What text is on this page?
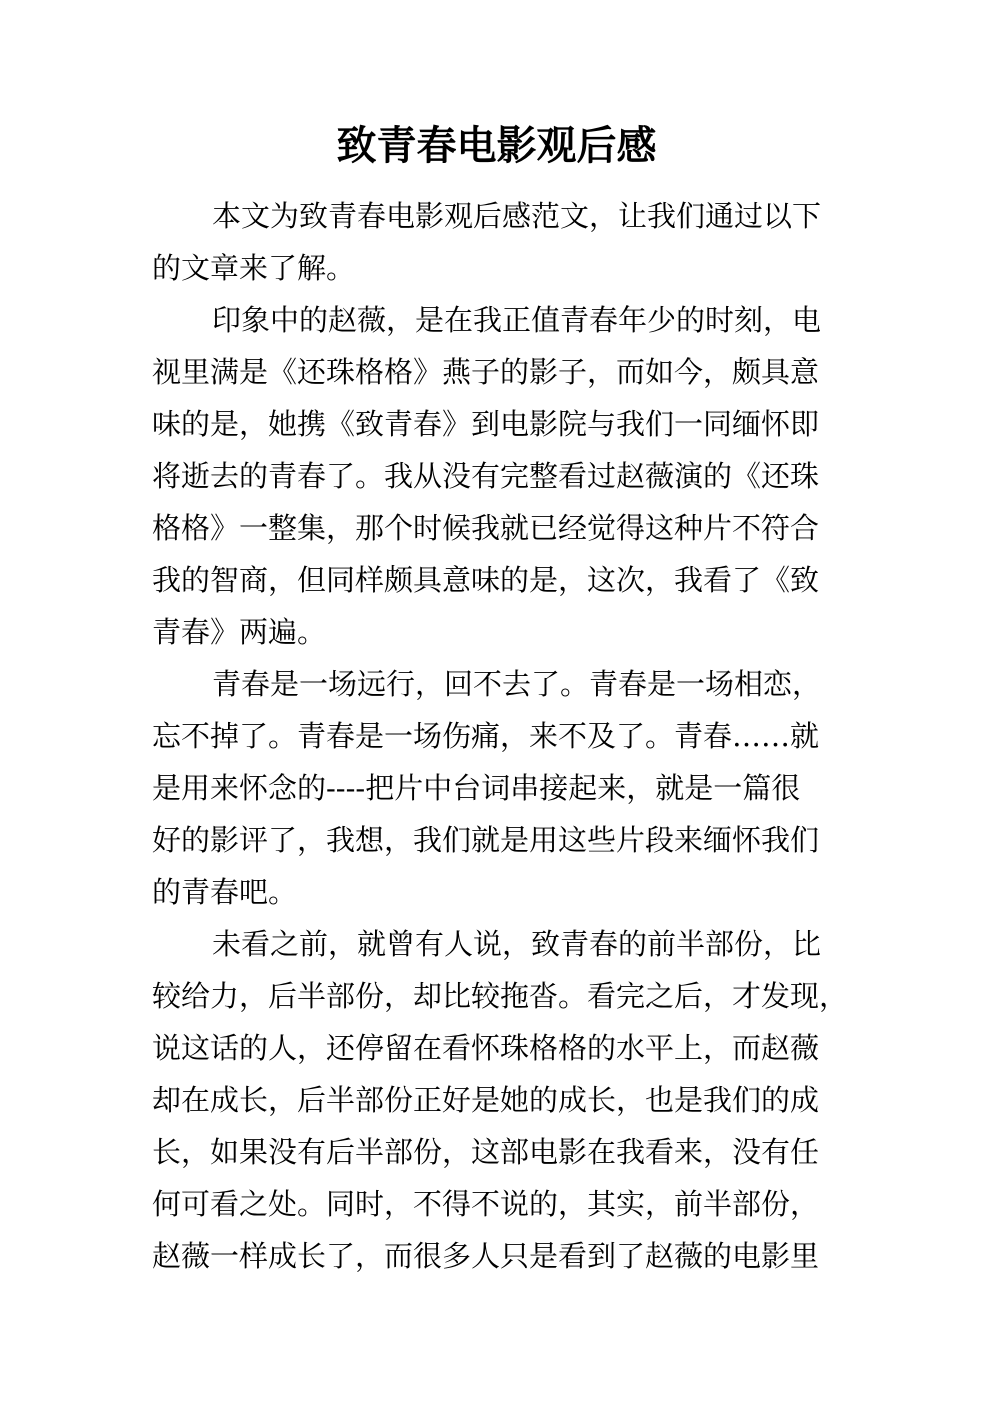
致青春电影观后感

本文为致青春电影观后感范文，让我们通过以下

的文章来了解。

印象中的赵薇，是在我正值青春年少的时刻，电

视里满是《还珠格格》燕子的影子，而如今，颇具意

味的是，她携《致青春》到电影院与我们一同缅怀即

将逝去的青春了。我从没有完整看过赵薇演的《还珠

格格》一整集，那个时候我就已经觉得这种片不符合

我的智商，但同样颇具意味的是，这次，我看了《致

青春》两遍。

青春是一场远行，回不去了。青春是一场相恋，

忘不掉了。青春是一场伤痛，来不及了。青春……就

是用来怀念的----把片中台词串接起来，就是一篇很

好的影评了，我想，我们就是用这些片段来缅怀我们

的青春吧。

未看之前，就曾有人说，致青春的前半部份，比

较给力，后半部份，却比较拖沓。看完之后，才发现，

说这话的人，还停留在看怀珠格格的水平上，而赵薇

却在成长，后半部份正好是她的成长，也是我们的成

长，如果没有后半部份，这部电影在我看来，没有任

何可看之处。同时，不得不说的，其实，前半部份，

赵薇一样成长了，而很多人只是看到了赵薇的电影里
